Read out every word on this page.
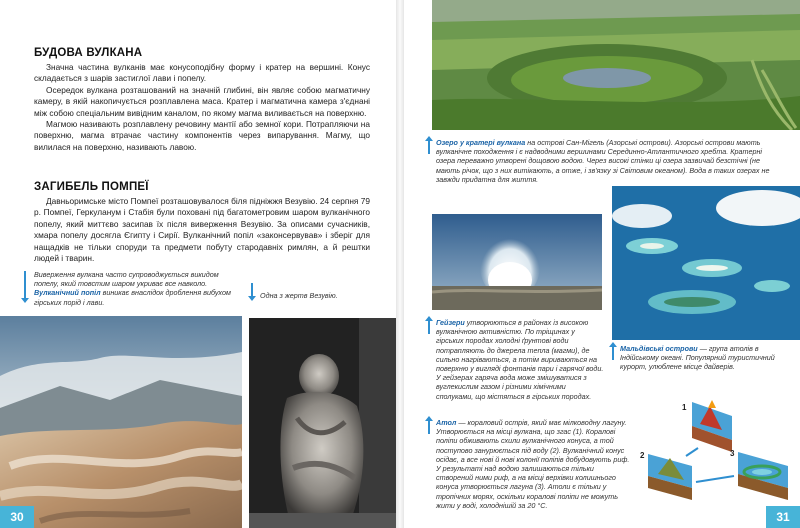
БУДОВА ВУЛКАНА

Значна частина вулканів має конусоподібну форму і кратер на вершині. Конус складається з шарів застиглої лави і попелу.

Осередок вулкана розташований на значній глибині, він являє собою магматичну камеру, в якій накопичується розплавлена маса. Кратер і магматична камера з'єднані між собою спеціальним вивідним каналом, по якому магма виливається на поверхню.

Магмою називають розплавлену речовину мантії або земної кори. Потрапляючи на поверхню, магма втрачає частину компонентів через випарування. Магму, що вилилася на поверхню, називають лавою.

ЗАГИБЕЛЬ ПОМПЕЇ

Давньоримське місто Помпеї розташовувалося біля підніжжя Везувію. 24 серпня 79 р. Помпеї, Геркуланум і Стабія були поховані під багатометровим шаром вулканічного попелу, який миттєво засипав їх після виверження Везувію. За описами сучасників, хмара попелу досягла Єгипту і Сирії. Вулканічний попіл «законсервував» і зберіг для нащадків не тільки споруди та предмети побуту стародавніх римлян, а й рештки людей і тварин.

Виверження вулкана часто супроводжується викидом попелу, який товстим шаром укриває все навколо. Вулканічний попіл виникає внаслідок дроблення вибухом гірських порід і лави.
Одна з жертв Везувію.
30
Озеро у кратері вулкана на острові Сан-Мігель (Азорські острови). Азорські острови мають вулканічне походження і є надводними вершинами Серединно-Атлантичного хребта. Кратерні озера переважно утворені дощовою водою. Через високі стінки ці озера зазвичай безстічні (не мають річок, що з них витікають, а отже, і зв'язку зі Світовим океаном). Вода в таких озерах не завжди придатна для життя.
Гейзери утворюються в районах із високою вулканічною активністю. По тріщинах у гірських породах холодні ґрунтові води потрапляють до джерела тепла (магми), де сильно нагріваються, а потім вириваються на поверхню у вигляді фонтанів пари і гарячої води. У гейзерах гаряча вода може змішуватися з вуглекислим газом і різними хімічними сполуками, що містяться в гірських породах.
Мальдівські острови — група атолів в Індійському океані. Популярний туристичний курорт, улюблене місце дайверів.
Атол — кораловий острів, який має мілководну лагуну. Утворюється на місці вулкана, що згас (1). Коралові поліпи обживають схили вулканічного конуса, а той поступово занурюється під воду (2). Вулканічний конус осідає, а все нові й нові колонії поліпів добудовують риф. У результаті над водою залишаються тільки створений ними риф, а на місці верхівки колишнього конуса утворюється лагуна (3). Атоли є тільки у тропічних морях, оскільки коралові поліпи не можуть жити у воді, холоднішій за 20 °С.
1
2	3
31
